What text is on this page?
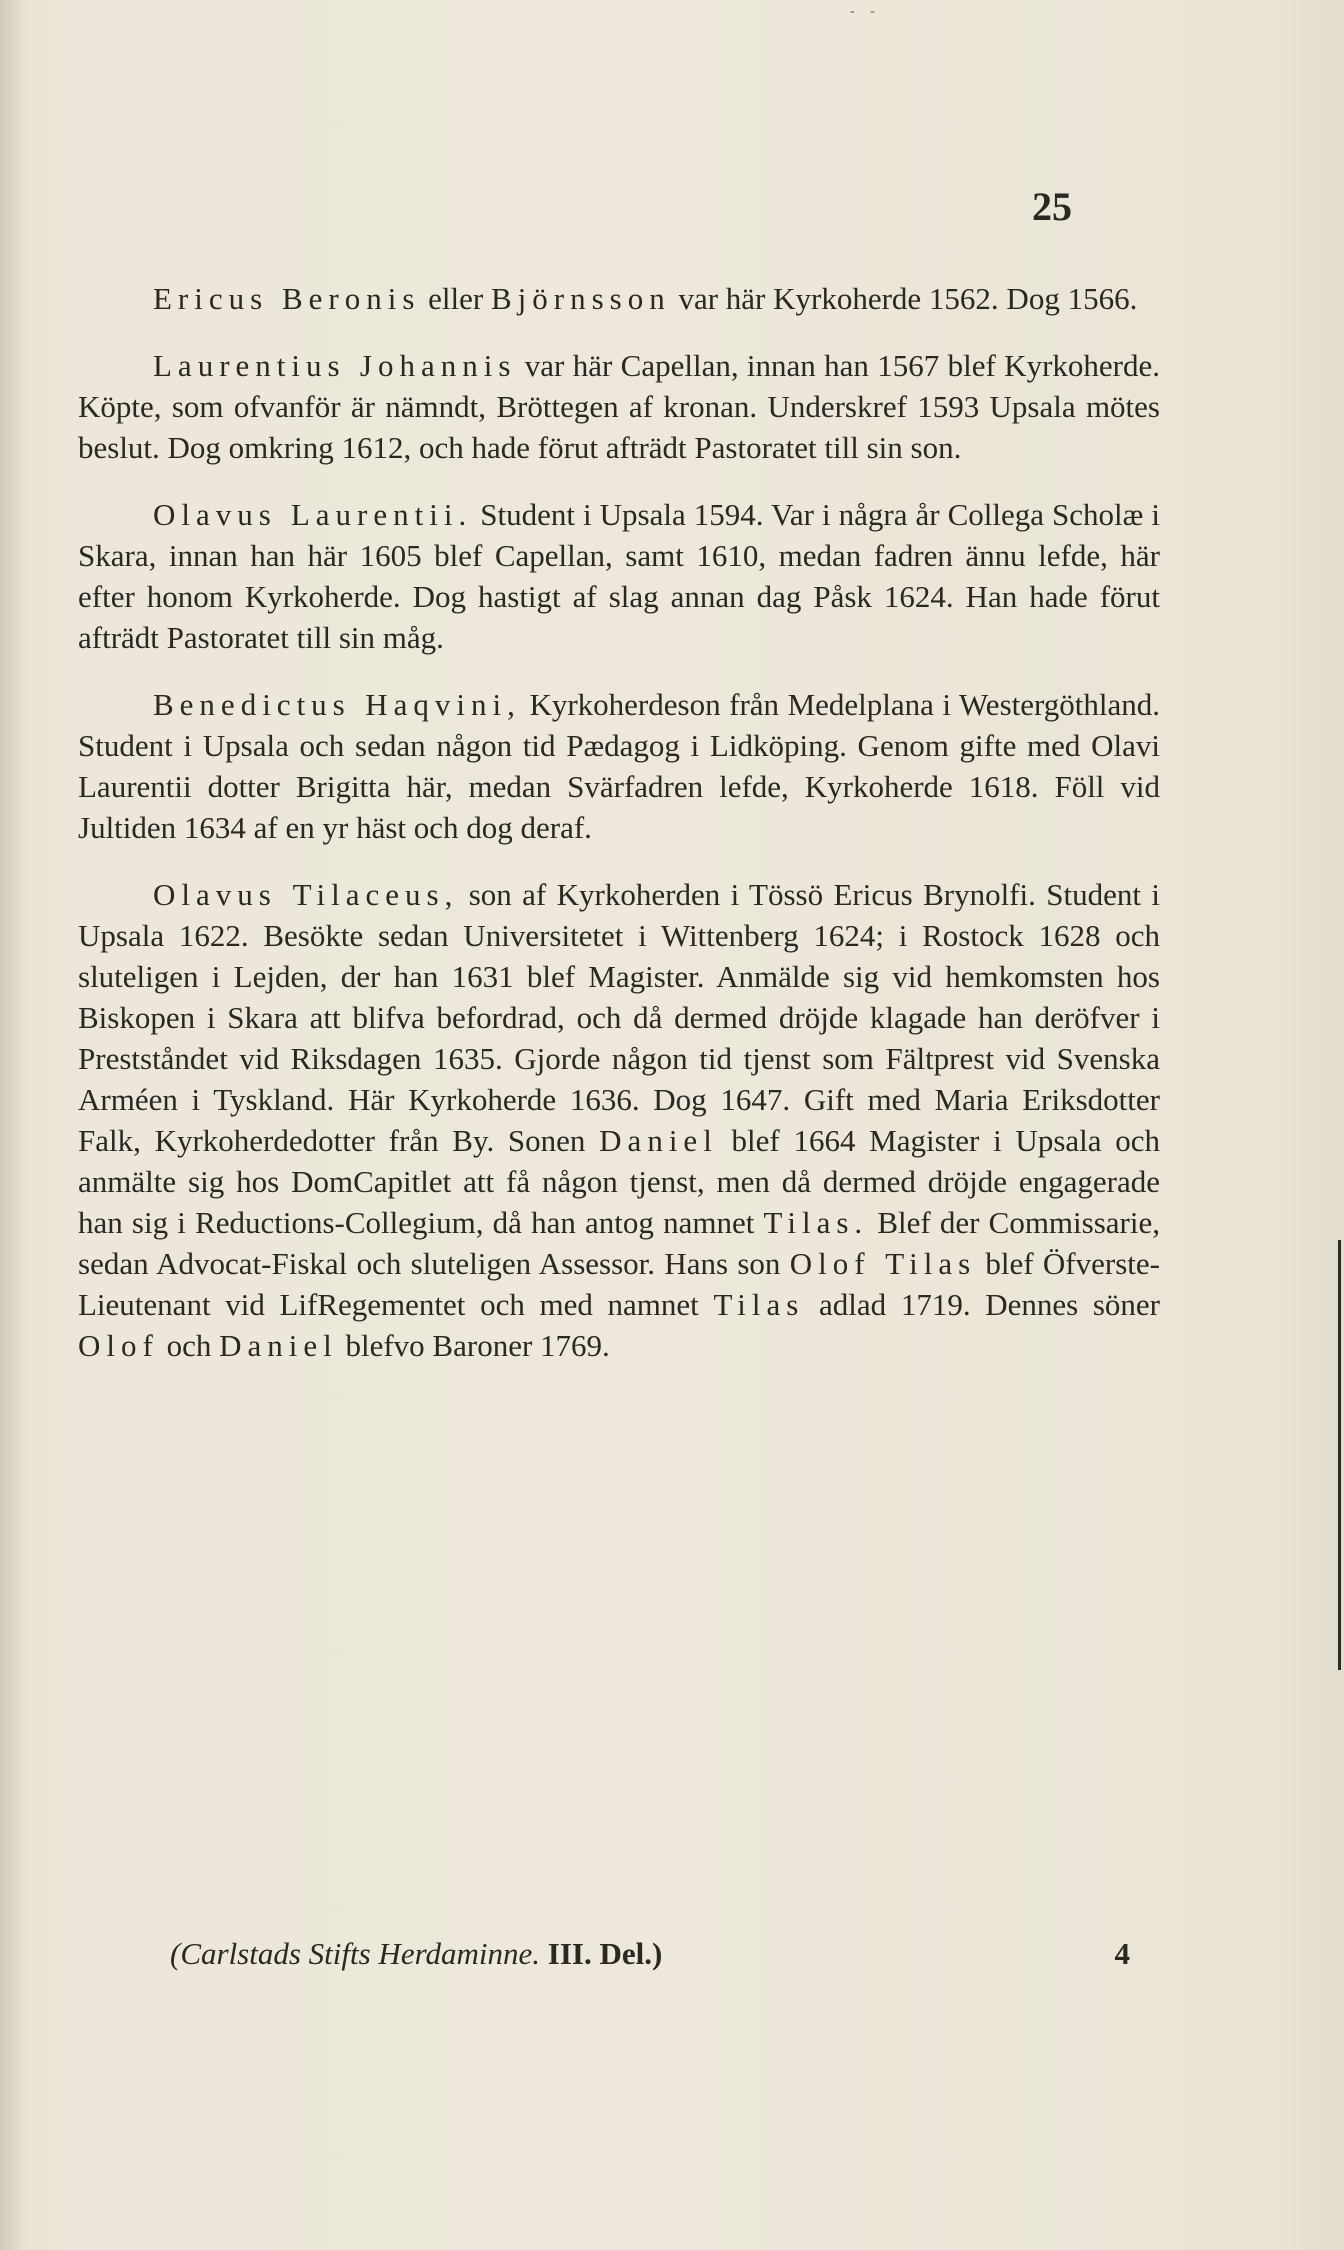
- -
25

Ericus Beronis eller Björnsson var här Kyrkoherde 1562. Dog 1566.

Laurentius Johannis var här Capellan, innan han 1567 blef Kyrkoherde. Köpte, som ofvanför är nämndt, Bröttegen af kronan. Underskref 1593 Upsala mötes beslut. Dog omkring 1612, och hade förut afträdt Pastoratet till sin son.

Olavus Laurentii. Student i Upsala 1594. Var i några år Collega Scholæ i Skara, innan han här 1605 blef Capellan, samt 1610, medan fadren ännu lefde, här efter honom Kyrkoherde. Dog hastigt af slag annan dag Påsk 1624. Han hade förut afträdt Pastoratet till sin måg.

Benedictus Haqvini, Kyrkoherdeson från Medelplana i Westergöthland. Student i Upsala och sedan någon tid Pædagog i Lidköping. Genom gifte med Olavi Laurentii dotter Brigitta här, medan Svärfadren lefde, Kyrkoherde 1618. Föll vid Jultiden 1634 af en yr häst och dog deraf.

Olavus Tilaceus, son af Kyrkoherden i Tössö Ericus Brynolfi. Student i Upsala 1622. Besökte sedan Universitetet i Wittenberg 1624; i Rostock 1628 och sluteligen i Lejden, der han 1631 blef Magister. Anmälde sig vid hemkomsten hos Biskopen i Skara att blifva befordrad, och då dermed dröjde klagade han deröfver i Prestståndet vid Riksdagen 1635. Gjorde någon tid tjenst som Fältprest vid Svenska Arméen i Tyskland. Här Kyrkoherde 1636. Dog 1647. Gift med Maria Eriksdotter Falk, Kyrkoherdedotter från By. Sonen Daniel blef 1664 Magister i Upsala och anmälte sig hos DomCapitlet att få någon tjenst, men då dermed dröjde engagerade han sig i Reductions-Collegium, då han antog namnet Tilas. Blef der Commissarie, sedan Advocat-Fiskal och sluteligen Assessor. Hans son Olof Tilas blef Öfverste-Lieutenant vid LifRegementet och med namnet Tilas adlad 1719. Dennes söner Olof och Daniel blefvo Baroner 1769.

(Carlstads Stifts Herdaminne. III. Del.)	4
